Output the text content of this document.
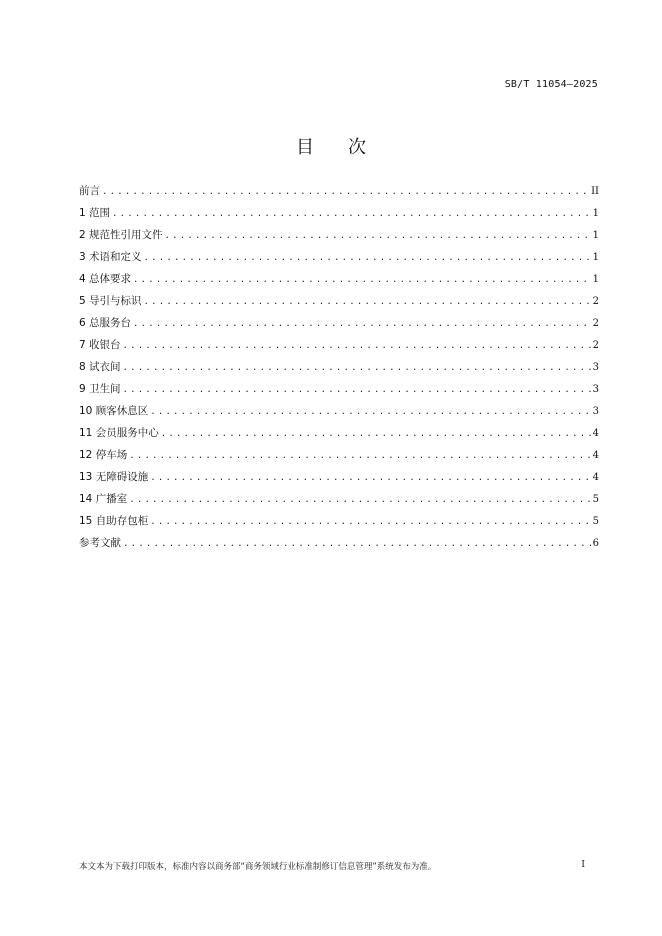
SB/T 11054—2025
目次
前言 .....	II
1 范围 .....	1
2 规范性引用文件 .....	1
3 术语和定义 .....	1
4 总体要求 .....	1
5 导引与标识 .....	2
6 总服务台 .....	2
7 收银台 .....	2
8 试衣间 .....	3
9 卫生间 .....	3
10 顾客休息区 .....	3
11 会员服务中心 .....	4
12 停车场 .....	4
13 无障碍设施 .....	4
14 广播室 .....	5
15 自助存包柜 .....	5
参考文献 .....	6
本文本为下载打印版本，标准内容以商务部“商务领域行业标准制修订信息管理”系统发布为准。	I
